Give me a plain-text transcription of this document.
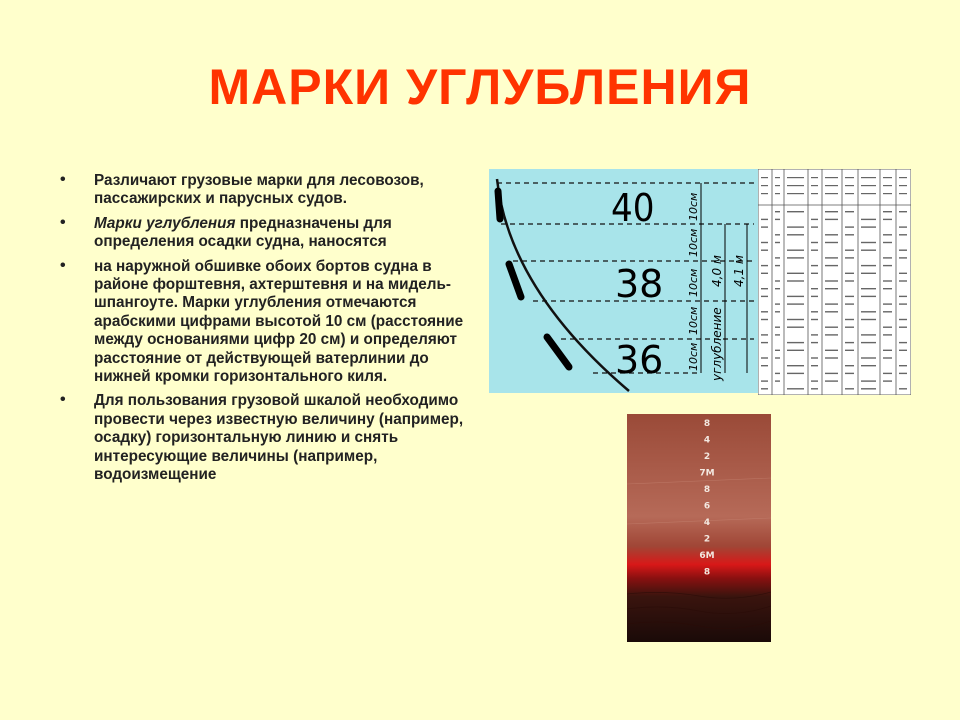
МАРКИ УГЛУБЛЕНИЯ
• Различают грузовые марки для лесовозов, пассажирских и парусных судов.
• Марки углубления предназначены для определения осадки судна, наносятся
• на наружной обшивке обоих бортов судна в районе форштевня, ахтерштевня и на мидель-шпангоуте. Марки углубления отмечаются арабскими цифрами высотой 10 см (расстояние между основаниями цифр 20 см) и определяют расстояние от действующей ватерлинии до нижней кромки горизонтального киля.
• Для пользования грузовой шкалой необходимо провести через известную величину (например, осадку) горизонтальную линию и снять интересующие величины (например, водоизмещение
40
38
36
10см
10см
10см
10см
10см
4,0 м 4,1 м
углубление
8
4
2
7M
8
6
4
2
6M
8
